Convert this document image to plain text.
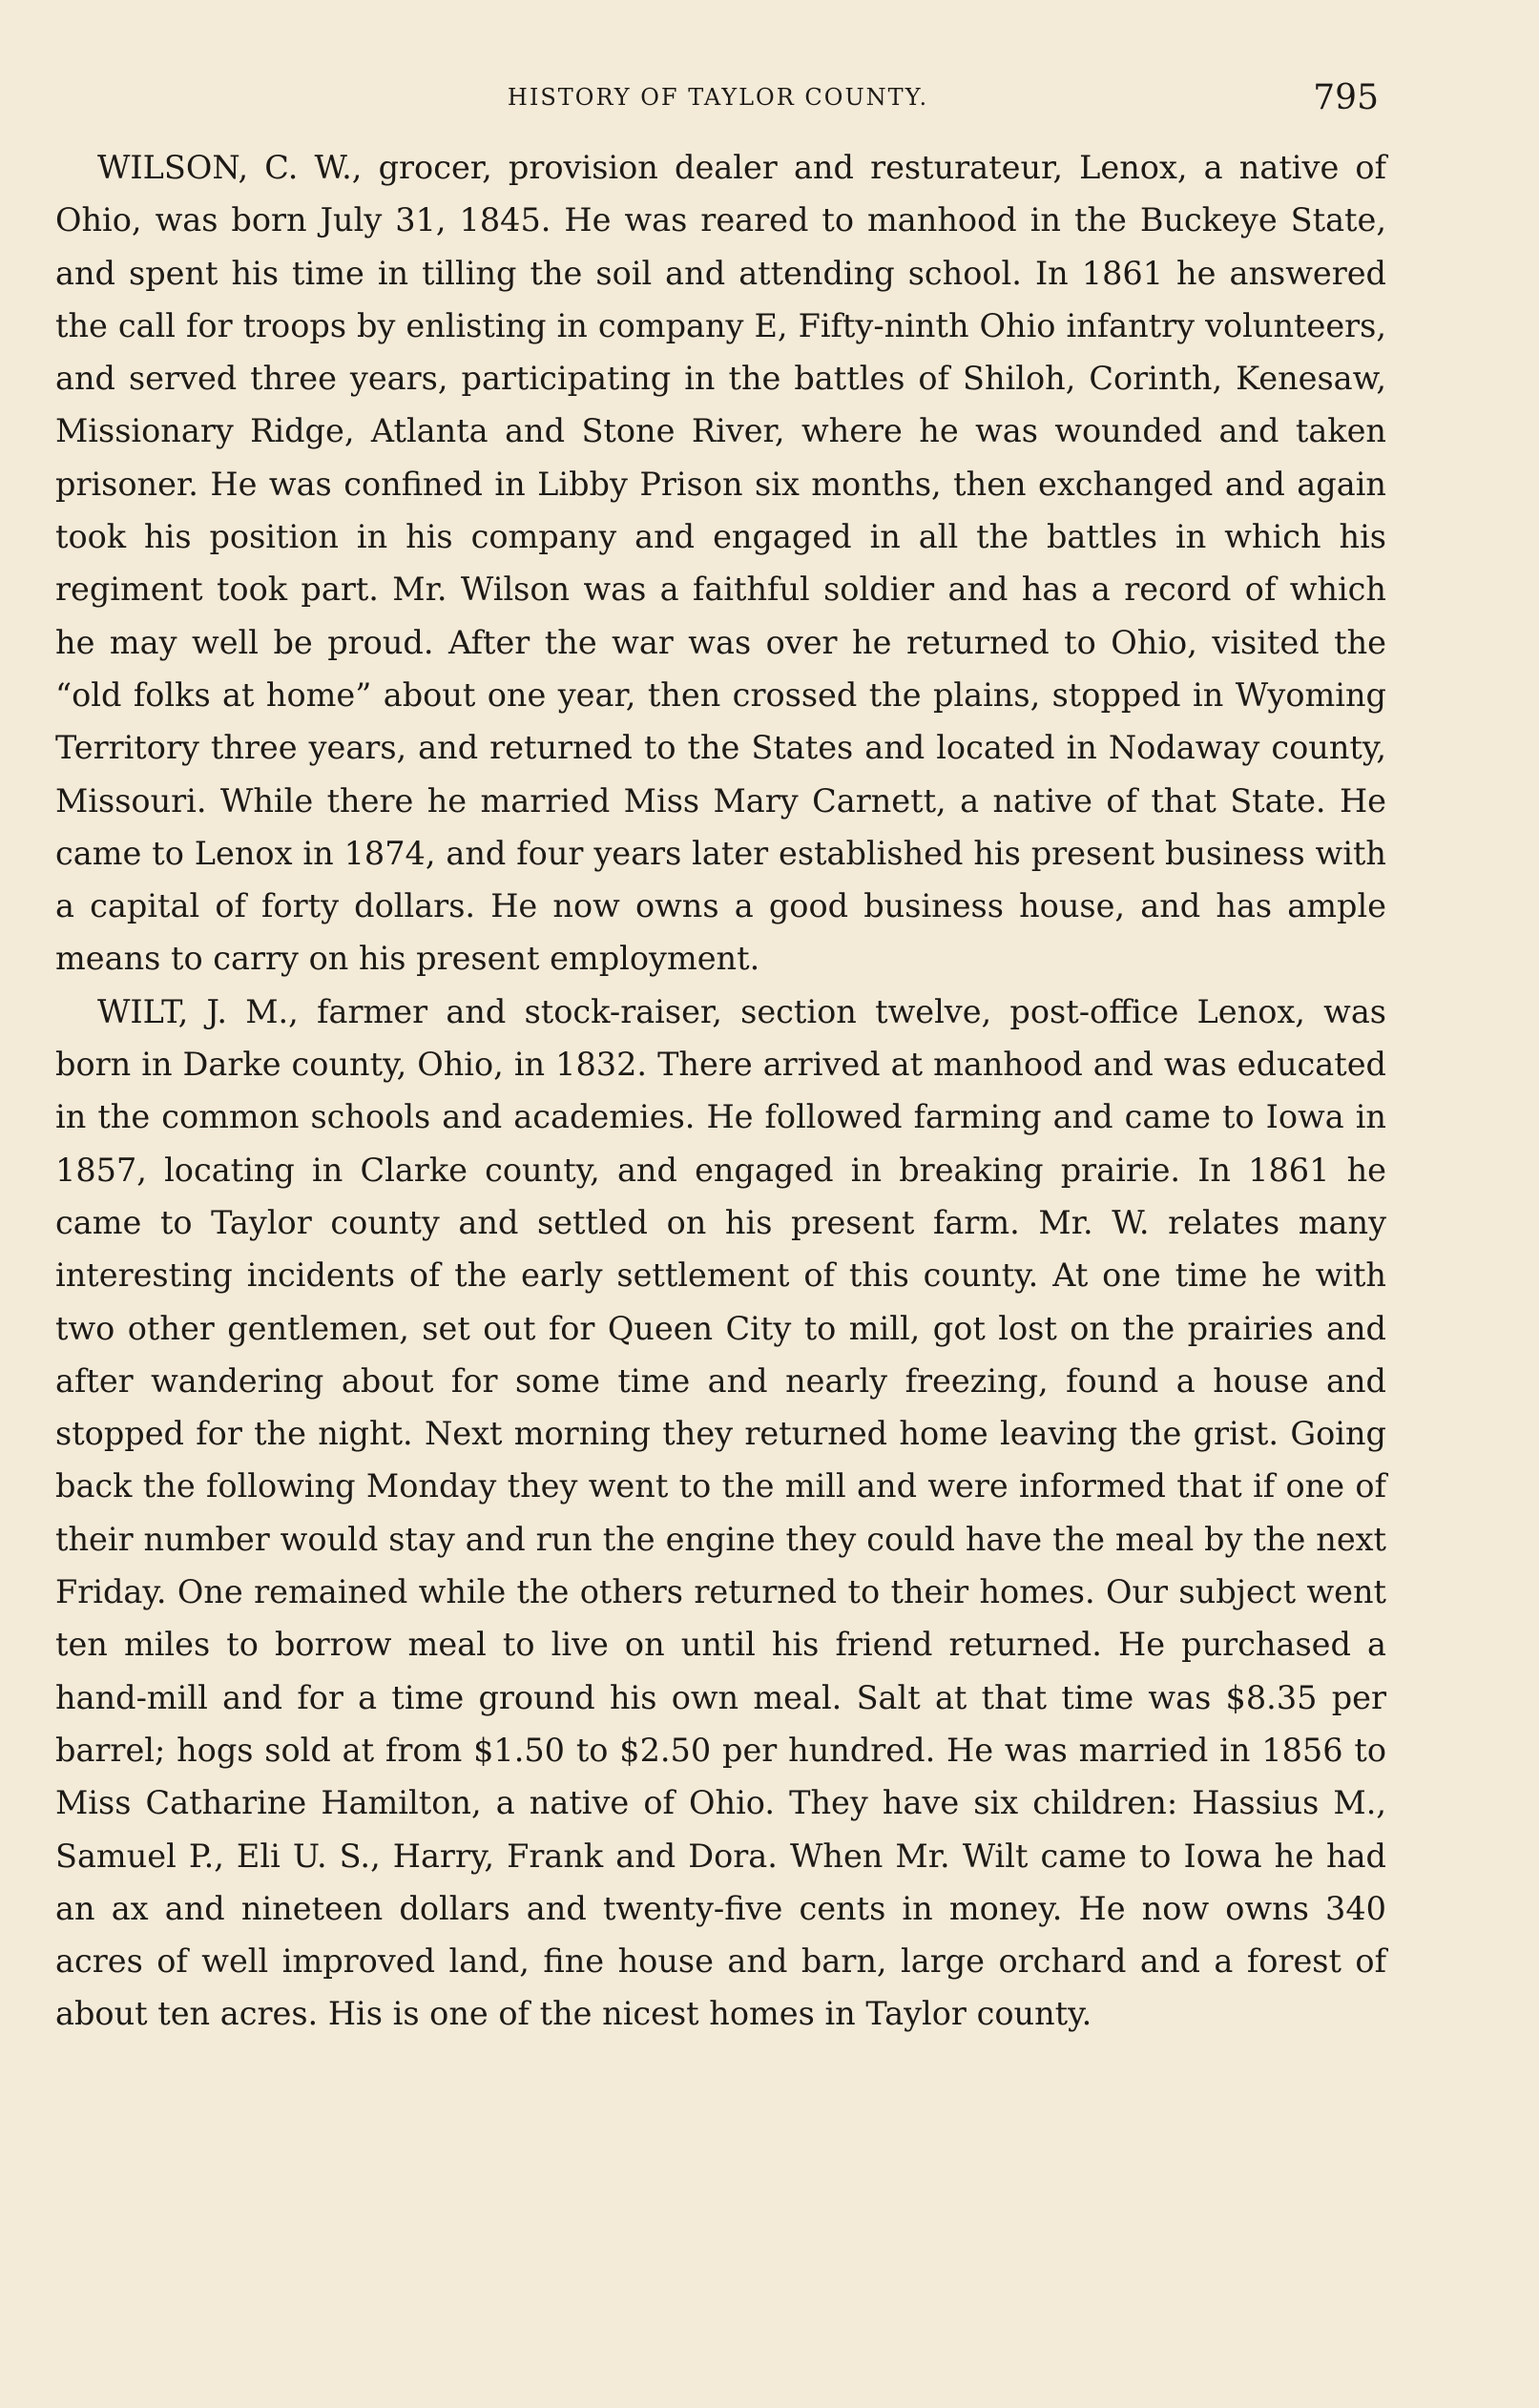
HISTORY OF TAYLOR COUNTY.	795

WILSON, C. W., grocer, provision dealer and resturateur, Lenox, a native of Ohio, was born July 31, 1845. He was reared to manhood in the Buckeye State, and spent his time in tilling the soil and attending school. In 1861 he answered the call for troops by enlisting in company E, Fifty-ninth Ohio infantry volunteers, and served three years, participating in the battles of Shiloh, Corinth, Kenesaw, Missionary Ridge, Atlanta and Stone River, where he was wounded and taken prisoner. He was confined in Libby Prison six months, then exchanged and again took his position in his company and engaged in all the battles in which his regiment took part. Mr. Wilson was a faithful soldier and has a record of which he may well be proud. After the war was over he returned to Ohio, visited the “old folks at home” about one year, then crossed the plains, stopped in Wyoming Territory three years, and returned to the States and located in Nodaway county, Missouri. While there he married Miss Mary Carnett, a native of that State. He came to Lenox in 1874, and four years later established his present business with a capital of forty dollars. He now owns a good business house, and has ample means to carry on his present employment.

WILT, J. M., farmer and stock-raiser, section twelve, post-office Lenox, was born in Darke county, Ohio, in 1832. There arrived at manhood and was educated in the common schools and academies. He followed farming and came to Iowa in 1857, locating in Clarke county, and engaged in breaking prairie. In 1861 he came to Taylor county and settled on his present farm. Mr. W. relates many interesting incidents of the early settlement of this county. At one time he with two other gentlemen, set out for Queen City to mill, got lost on the prairies and after wandering about for some time and nearly freezing, found a house and stopped for the night. Next morning they returned home leaving the grist. Going back the following Monday they went to the mill and were informed that if one of their number would stay and run the engine they could have the meal by the next Friday. One remained while the others returned to their homes. Our subject went ten miles to borrow meal to live on until his friend returned. He purchased a hand-mill and for a time ground his own meal. Salt at that time was $8.35 per barrel; hogs sold at from $1.50 to $2.50 per hundred. He was married in 1856 to Miss Catharine Hamilton, a native of Ohio. They have six children: Hassius M., Samuel P., Eli U. S., Harry, Frank and Dora. When Mr. Wilt came to Iowa he had an ax and nineteen dollars and twenty-five cents in money. He now owns 340 acres of well improved land, fine house and barn, large orchard and a forest of about ten acres. His is one of the nicest homes in Taylor county.
